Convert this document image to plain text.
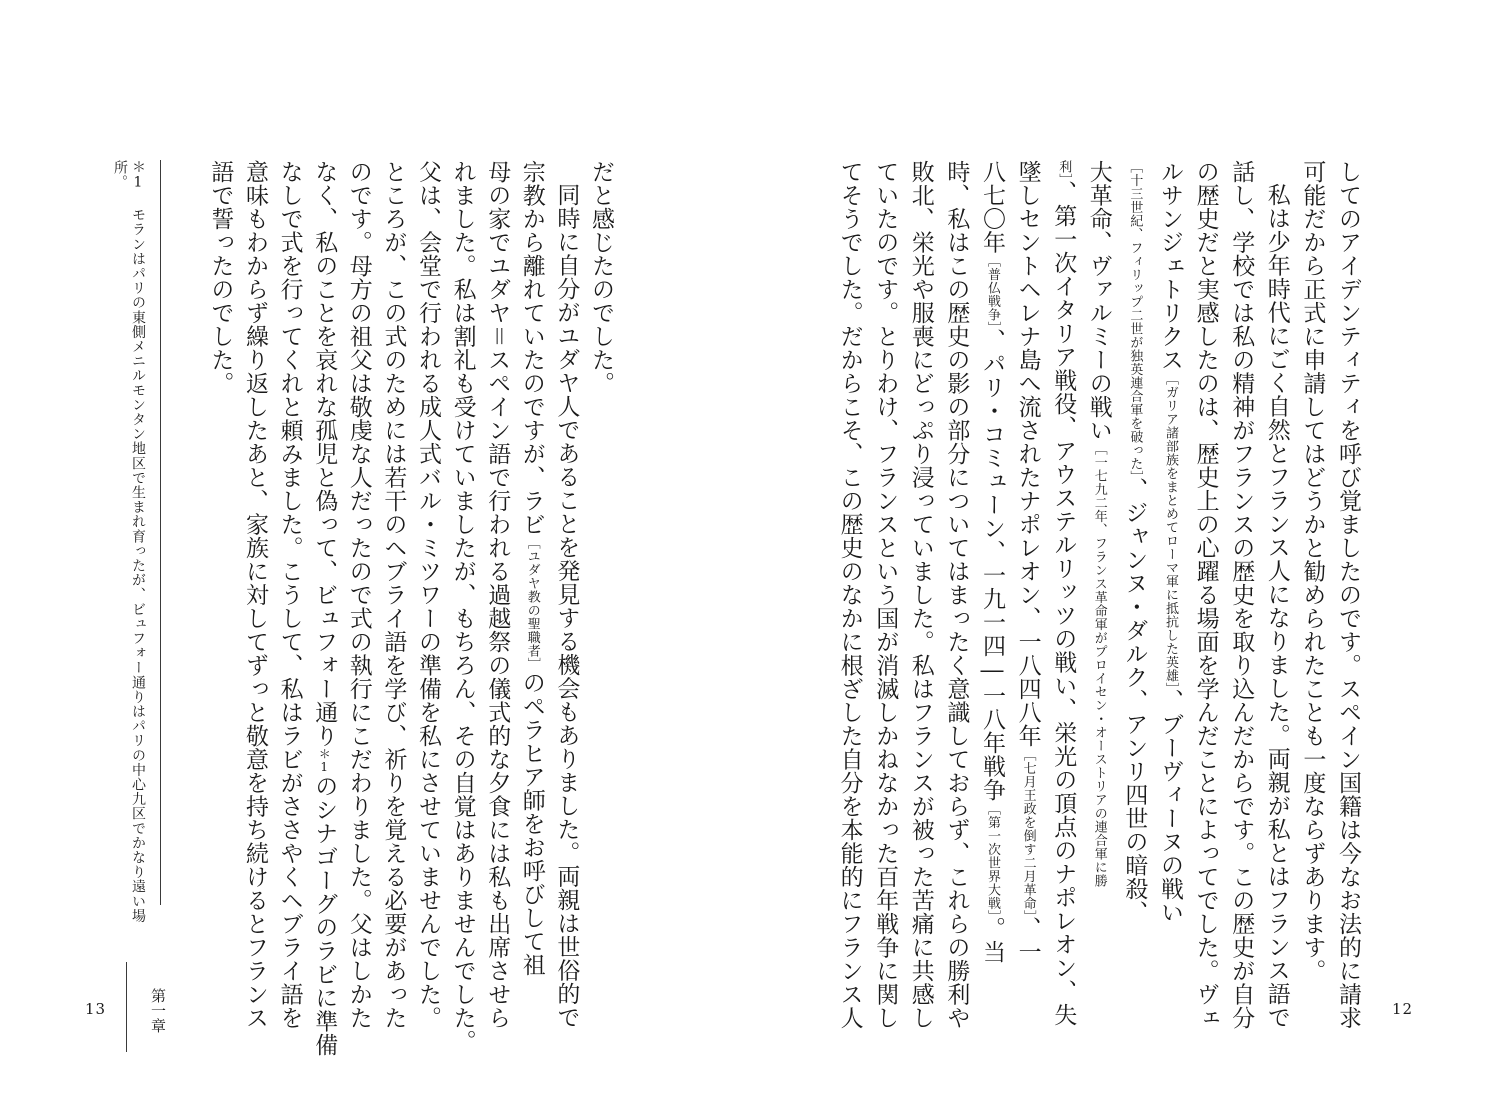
してのアイデンティティを呼び覚ましたのです。スペイン国籍は今なお法的に請求
可能だから正式に申請してはどうかと勧められたことも一度ならずあります。
私は少年時代にごく自然とフランス人になりました。両親が私とはフランス語で
話し、学校では私の精神がフランスの歴史を取り込んだからです。この歴史が自分
の歴史だと実感したのは、歴史上の心躍る場面を学んだことによってでした。ヴェ
ルサンジェトリクス［ガリア諸部族をまとめてローマ軍に抵抗した英雄］、ブーヴィーヌの戦い
［十三世紀、フィリップ二世が独英連合軍を破った］、ジャンヌ・ダルク、アンリ四世の暗殺、
大革命、ヴァルミーの戦い［一七九二年、フランス革命軍がプロイセン・オーストリアの連合軍に勝
利］、第一次イタリア戦役、アウステルリッツの戦い、栄光の頂点のナポレオン、失
墜しセントヘレナ島へ流されたナポレオン、一八四八年［七月王政を倒す二月革命］、一
八七〇年［普仏戦争］、パリ・コミューン、一九一四―一八年戦争［第一次世界大戦］。当
時、私はこの歴史の影の部分についてはまったく意識しておらず、これらの勝利や
敗北、栄光や服喪にどっぷり浸っていました。私はフランスが被った苦痛に共感し
ていたのです。とりわけ、フランスという国が消滅しかねなかった百年戦争に関し
てそうでした。だからこそ、この歴史のなかに根ざした自分を本能的にフランス人	12
だと感じたのでした。
同時に自分がユダヤ人であることを発見する機会もありました。両親は世俗的で
宗教から離れていたのですが、ラビ［ユダヤ教の聖職者］のペラヒア師をお呼びして祖
母の家でユダヤ＝スペイン語で行われる過越祭の儀式的な夕食には私も出席させら
れました。私は割礼も受けていましたが、もちろん、その自覚はありませんでした。
父は、会堂で行われる成人式バル・ミツワーの準備を私にさせていませんでした。
ところが、この式のためには若干のヘブライ語を学び、祈りを覚える必要があった
のです。母方の祖父は敬虔な人だったので式の執行にこだわりました。父はしかた
なく、私のことを哀れな孤児と偽って、ビュフォー通り＊1のシナゴーグのラビに準備
なしで式を行ってくれと頼みました。こうして、私はラビがささやくヘブライ語を
意味もわからず繰り返したあと、家族に対してずっと敬意を持ち続けるとフランス
語で誓ったのでした。
＊1 モランはパリの東側メニルモンタン地区で生まれ育ったが、ビュフォー通りはパリの中心九区でかなり遠い場
所。
第一章
13
